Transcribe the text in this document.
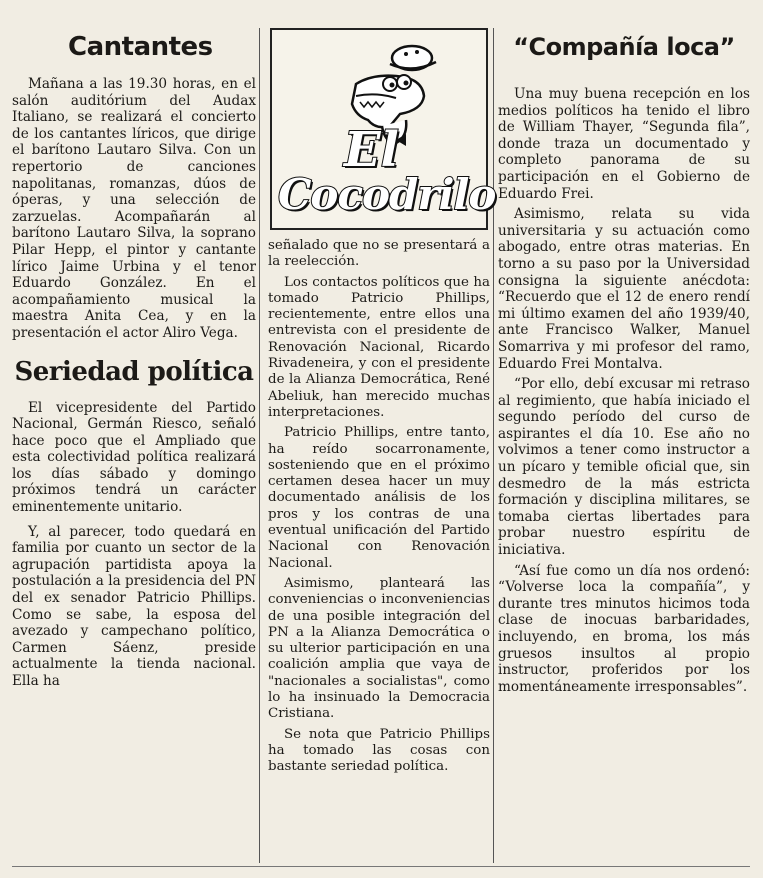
Cantantes

Mañana a las 19.30 horas, en el salón auditórium del Audax Italiano, se realizará el concierto de los cantantes líricos, que dirige el barítono Lautaro Silva. Con un repertorio de canciones napolitanas, romanzas, dúos de óperas, y una selección de zarzuelas. Acompañarán al barítono Lautaro Silva, la soprano Pilar Hepp, el pintor y cantante lírico Jaime Urbina y el tenor Eduardo González. En el acompañamiento musical la maestra Anita Cea, y en la presentación el actor Aliro Vega.

Seriedad política

El vicepresidente del Partido Nacional, Germán Riesco, señaló hace poco que el Ampliado que esta colectividad política realizará los días sábado y domingo próximos tendrá un carácter eminentemente unitario.

Y, al parecer, todo quedará en familia por cuanto un sector de la agrupación partidista apoya la postulación a la presidencia del PN del ex senador Patricio Phillips. Como se sabe, la esposa del avezado y campechano político, Carmen Sáenz, preside actualmente la tienda nacional. Ella ha

El
Cocodrilo

señalado que no se presentará a la reelección.

Los contactos políticos que ha tomado Patricio Phillips, recientemente, entre ellos una entrevista con el presidente de Renovación Nacional, Ricardo Rivadeneira, y con el presidente de la Alianza Democrática, René Abeliuk, han merecido muchas interpretaciones.

Patricio Phillips, entre tanto, ha reído socarronamente, sosteniendo que en el próximo certamen desea hacer un muy documentado análisis de los pros y los contras de una eventual unificación del Partido Nacional con Renovación Nacional.

Asimismo, planteará las conveniencias o inconveniencias de una posible integración del PN a la Alianza Democrática o su ulterior participación en una coalición amplia que vaya de "nacionales a socialistas", como lo ha insinuado la Democracia Cristiana.

Se nota que Patricio Phillips ha tomado las cosas con bastante seriedad política.

“Compañía loca”

Una muy buena recepción en los medios políticos ha tenido el libro de William Thayer, “Segunda fila”, donde traza un documentado y completo panorama de su participación en el Gobierno de Eduardo Frei.

Asimismo, relata su vida universitaria y su actuación como abogado, entre otras materias. En torno a su paso por la Universidad consigna la siguiente anécdota: “Recuerdo que el 12 de enero rendí mi último examen del año 1939/40, ante Francisco Walker, Manuel Somarriva y mi profesor del ramo, Eduardo Frei Montalva.

“Por ello, debí excusar mi retraso al regimiento, que había iniciado el segundo período del curso de aspirantes el día 10. Ese año no volvimos a tener como instructor a un pícaro y temible oficial que, sin desmedro de la más estricta formación y disciplina militares, se tomaba ciertas libertades para probar nuestro espíritu de iniciativa.

“Así fue como un día nos ordenó: “Volverse loca la compañía”, y durante tres minutos hicimos toda clase de inocuas barbaridades, incluyendo, en broma, los más gruesos insultos al propio instructor, proferidos por los momentáneamente irresponsables”.
